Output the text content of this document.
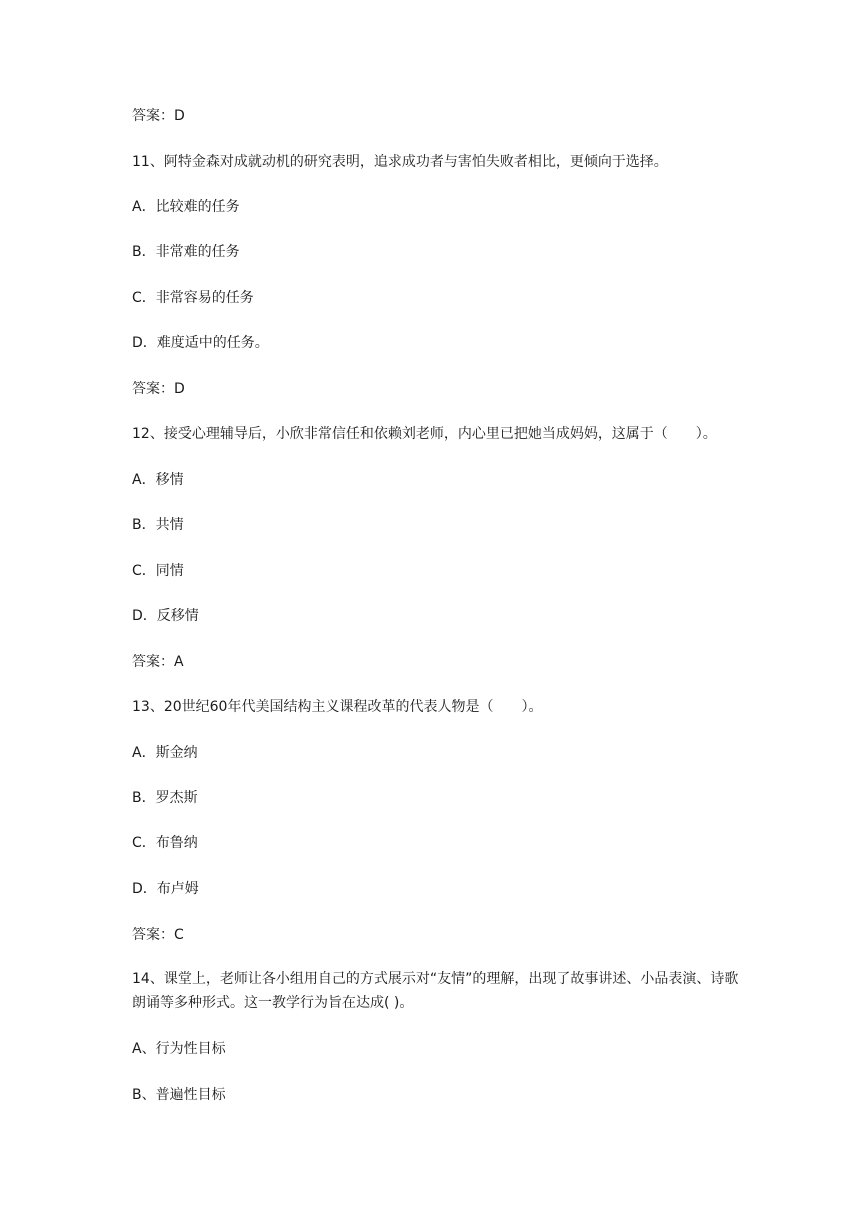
答案：D
11、阿特金森对成就动机的研究表明，追求成功者与害怕失败者相比，更倾向于选择。
A．比较难的任务
B．非常难的任务
C．非常容易的任务
D．难度适中的任务。
答案：D
12、接受心理辅导后，小欣非常信任和依赖刘老师，内心里已把她当成妈妈，这属于（　　）。
A．移情
B．共情
C．同情
D．反移情
答案：A
13、20世纪60年代美国结构主义课程改革的代表人物是（　　）。
A．斯金纳
B．罗杰斯
C．布鲁纳
D．布卢姆
答案：C
14、课堂上，老师让各小组用自己的方式展示对“友情”的理解，出现了故事讲述、小品表演、诗歌朗诵等多种形式。这一教学行为旨在达成( )。
A、行为性目标
B、普遍性目标
